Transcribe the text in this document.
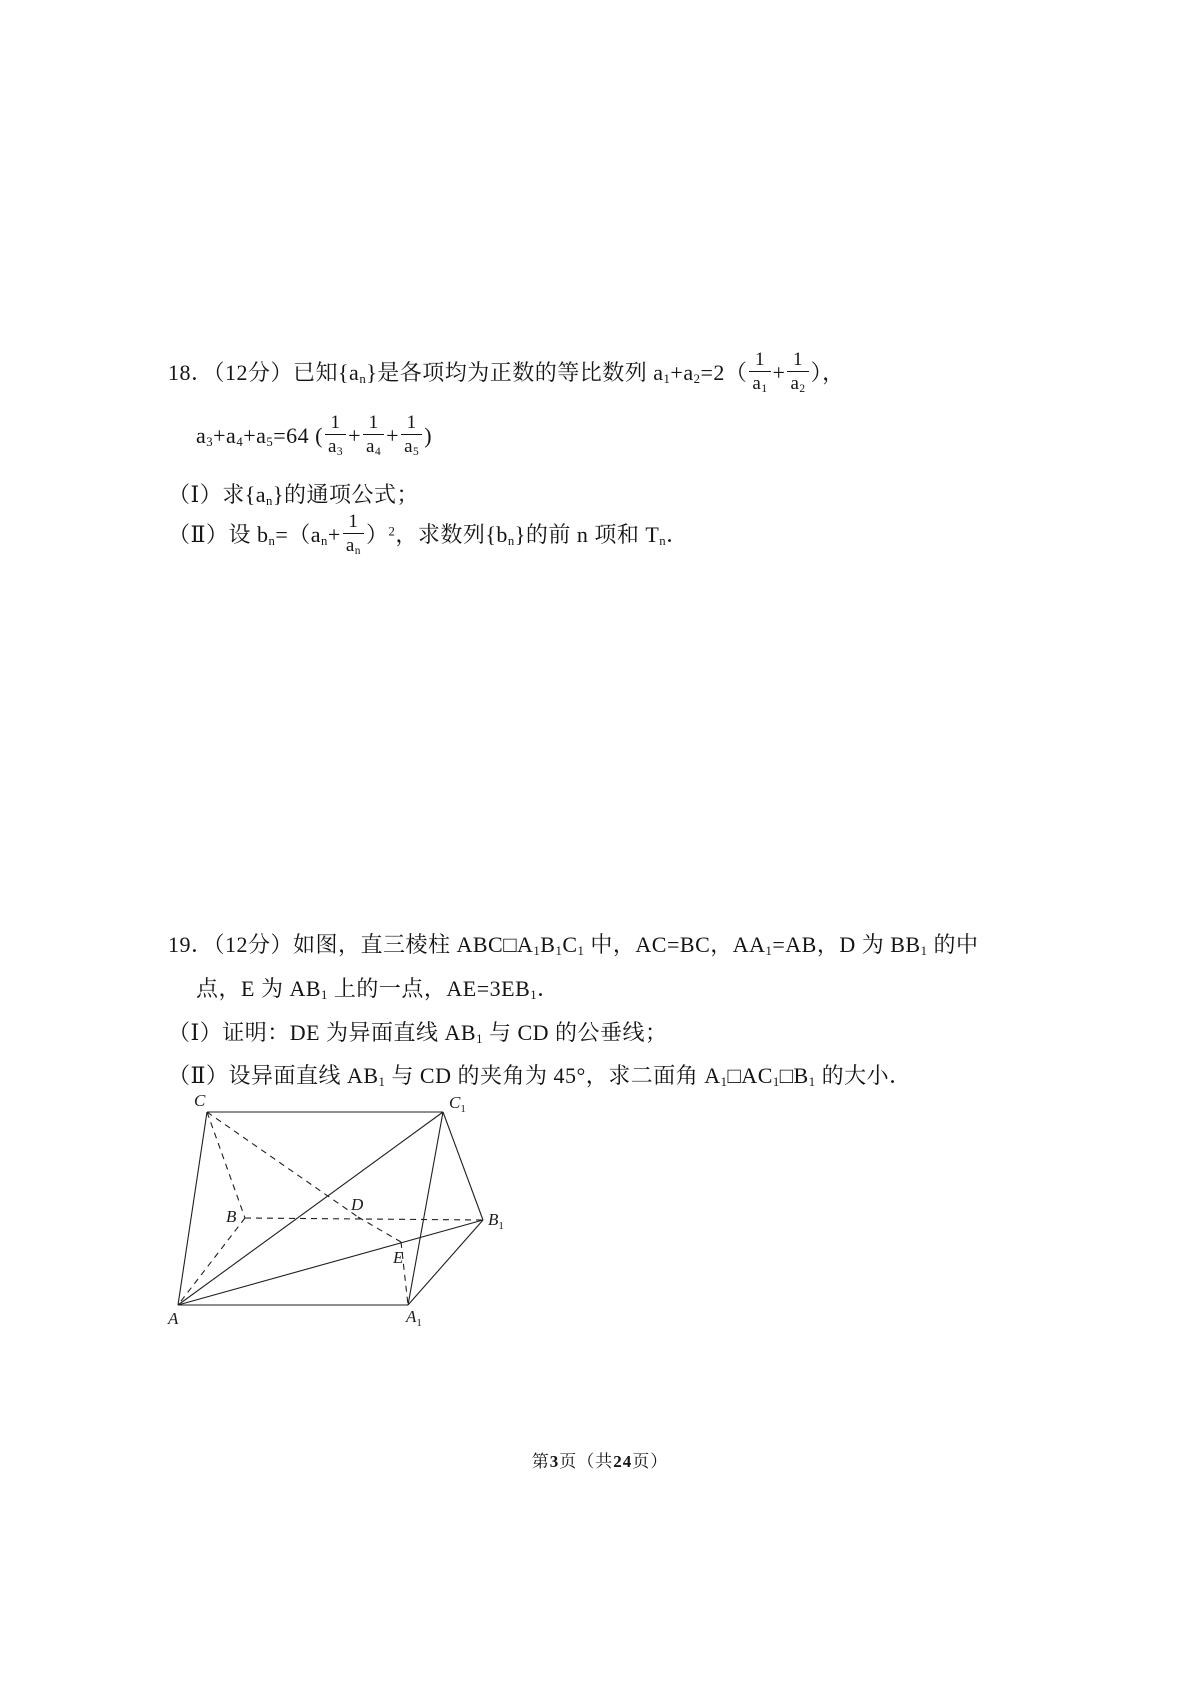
18．（12分）已知$\{a_n\}$是各项均为正数的等比数列 $a_1+a_2=2( \frac{1}{a_1} + \frac{1}{a_2}$ ），
$a_3+a_4+a_5=64$ ( $\frac{1}{a_3} + \frac{1}{a_4} + \frac{1}{a_5}$ )
（Ⅰ）求$\{a_n\}$的通项公式；
（Ⅱ）设 $b_n=(a_n+ \frac{1}{a_n} )^2$，求数列$\{b_n\}$的前 n 项和 $T_n$．
19．（12分）如图，直三棱柱 $ABC□A_1B_1C_1$ 中，AC=BC，$AA_1=AB$，D 为 $BB_1$ 的中
点，E 为 $AB_1$ 上的一点，$AE=3EB_1$．
（Ⅰ）证明：DE 为异面直线 $AB_1$ 与 CD 的公垂线；
（Ⅱ）设异面直线 $AB_1$ 与 CD 的夹角为 45°，求二面角 $A_1□AC_1□B_1$ 的大小．
C	$C_1$
B
D
$B_1$
E
A	$A_1$
第3页（共24页）
